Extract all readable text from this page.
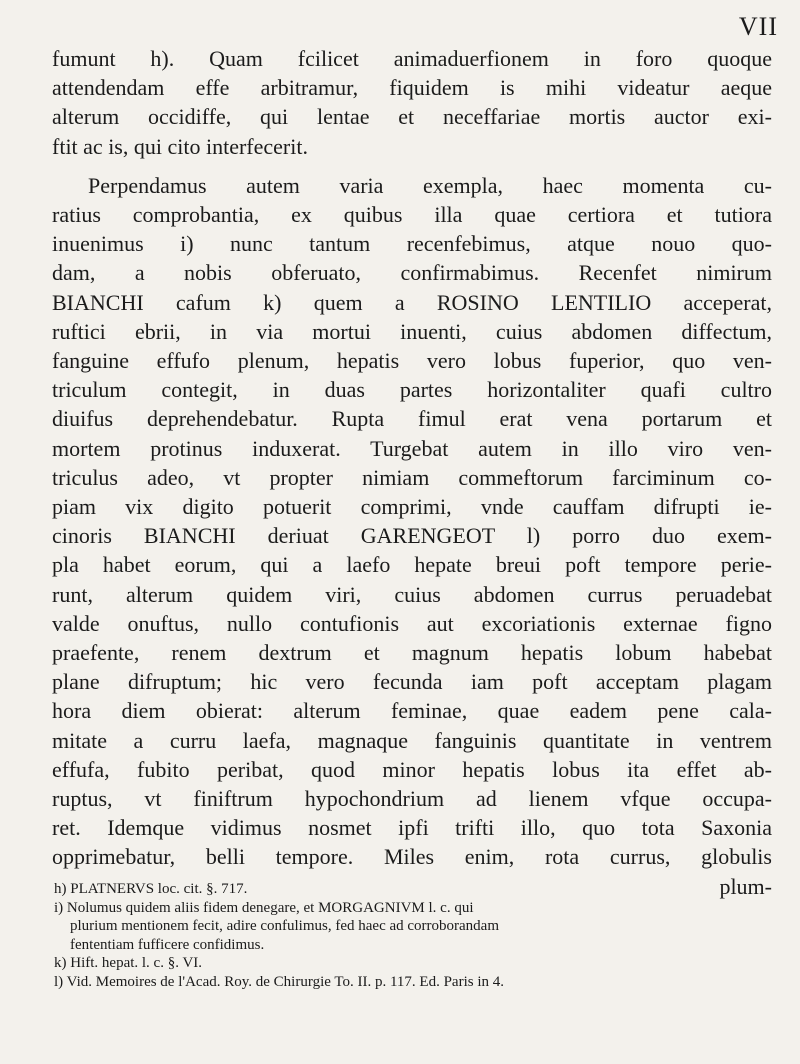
VII
fumunt h). Quam fcilicet animaduerfionem in foro quoque
attendendam effe arbitramur, fiquidem is mihi videatur aeque
alterum occidiffe, qui lentae et neceffariae mortis auctor exi-
ftit ac is, qui cito interfecerit.
Perpendamus autem varia exempla, haec momenta cu-
ratius comprobantia, ex quibus illa quae certiora et tutiora
inuenimus i) nunc tantum recenfebimus, atque nouo quo-
dam, a nobis obferuato, confirmabimus. Recenfet nimirum
BIANCHI cafum k) quem a ROSINO LENTILIO acceperat,
ruftici ebrii, in via mortui inuenti, cuius abdomen diffectum,
fanguine effufo plenum, hepatis vero lobus fuperior, quo ven-
triculum contegit, in duas partes horizontaliter quafi cultro
diuifus deprehendebatur. Rupta fimul erat vena portarum et
mortem protinus induxerat. Turgebat autem in illo viro ven-
triculus adeo, vt propter nimiam commeftorum farciminum co-
piam vix digito potuerit comprimi, vnde cauffam difrupti ie-
cinoris BIANCHI deriuat GARENGEOT l) porro duo exem-
pla habet eorum, qui a laefo hepate breui poft tempore perie-
runt, alterum quidem viri, cuius abdomen currus peruadebat
valde onuftus, nullo contufionis aut excoriationis externae figno
praefente, renem dextrum et magnum hepatis lobum habebat
plane difruptum; hic vero fecunda iam poft acceptam plagam
hora diem obierat: alterum feminae, quae eadem pene cala-
mitate a curru laefa, magnaque fanguinis quantitate in ventrem
effufa, fubito peribat, quod minor hepatis lobus ita effet ab-
ruptus, vt finiftrum hypochondrium ad lienem vfque occupa-
ret. Idemque vidimus nosmet ipfi trifti illo, quo tota Saxonia
opprimebatur, belli tempore. Miles enim, rota currus, globulis
plum-
h) PLATNERVS loc. cit. §. 717.
i) Nolumus quidem aliis fidem denegare, et MORGAGNIVM l. c. qui
plurium mentionem fecit, adire confulimus, fed haec ad corroborandam
fententiam fufficere confidimus.
k) Hift. hepat. l. c. §. VI.
l) Vid. Memoires de l'Acad. Roy. de Chirurgie To. II. p. 117. Ed. Paris in 4.
